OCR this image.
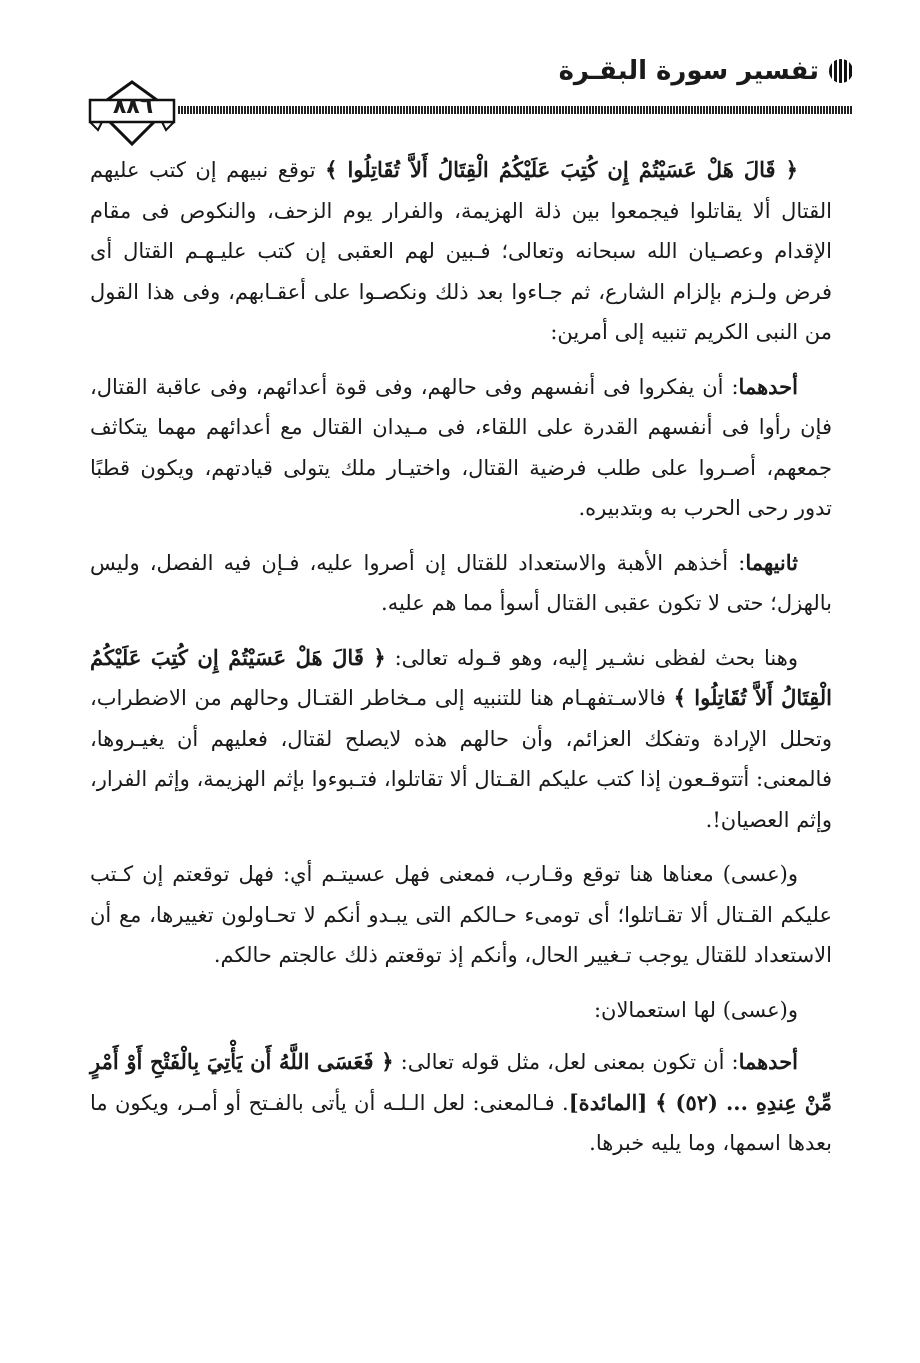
تفسير سورة البقـرة
٨٨٦

﴿ قَالَ هَلْ عَسَيْتُمْ إِن كُتِبَ عَلَيْكُمُ الْقِتَالُ أَلاَّ تُقَاتِلُوا ﴾ توقع نبيهم إن كتب عليهم القتال ألا يقاتلوا فيجمعوا بين ذلة الهزيمة، والفرار يوم الزحف، والنكوص فى مقام الإقدام وعصـيان الله سبحانه وتعالى؛ فـبين لهم العقبى إن كتب عليـهـم القتال أى فرض ولـزم بإلزام الشارع، ثم جـاءوا بعد ذلك ونكصـوا على أعقـابهم، وفى هذا القول من النبى الكريم تنبيه إلى أمرين:

أحدهما: أن يفكروا فى أنفسهم وفى حالهم، وفى قوة أعدائهم، وفى عاقبة القتال، فإن رأوا فى أنفسهم القدرة على اللقاء، فى مـيدان القتال مع أعدائهم مهما يتكاثف جمعهم، أصـروا على طلب فرضية القتال، واختيـار ملك يتولى قيادتهم، ويكون قطبًا تدور رحى الحرب به وبتدبيره.

ثانيهما: أخذهم الأهبة والاستعداد للقتال إن أصروا عليه، فـإن فيه الفصل، وليس بالهزل؛ حتى لا تكون عقبى القتال أسوأ مما هم عليه.

وهنا بحث لفظى نشـير إليه، وهو قـوله تعالى: ﴿ قَالَ هَلْ عَسَيْتُمْ إِن كُتِبَ عَلَيْكُمُ الْقِتَالُ أَلاَّ تُقَاتِلُوا ﴾ فالاسـتفهـام هنا للتنبيه إلى مـخاطر القتـال وحالهم من الاضطراب، وتحلل الإرادة وتفكك العزائم، وأن حالهم هذه لايصلح لقتال، فعليهم أن يغيـروها، فالمعنى: أتتوقـعون إذا كتب عليكم القـتال ألا تقاتلوا، فتـبوءوا بإثم الهزيمة، وإثم الفرار، وإثم العصيان!.

و(عسى) معناها هنا توقع وقـارب، فمعنى فهل عسيتـم أي: فهل توقعتم إن كـتب عليكم القـتال ألا تقـاتلوا؛ أى تومىء حـالكم التى يبـدو أنكم لا تحـاولون تغييرها، مع أن الاستعداد للقتال يوجب تـغيير الحال، وأنكم إذ توقعتم ذلك عالجتم حالكم.

و(عسى) لها استعمالان:

أحدهما: أن تكون بمعنى لعل، مثل قوله تعالى: ﴿ فَعَسَى اللَّهُ أَن يَأْتِيَ بِالْفَتْحِ أَوْ أَمْرٍ مِّنْ عِندِهِ ... (٥٢) ﴾ [المائدة]. فـالمعنى: لعل الـلـه أن يأتى بالفـتح أو أمـر، ويكون ما بعدها اسمها، وما يليه خبرها.
